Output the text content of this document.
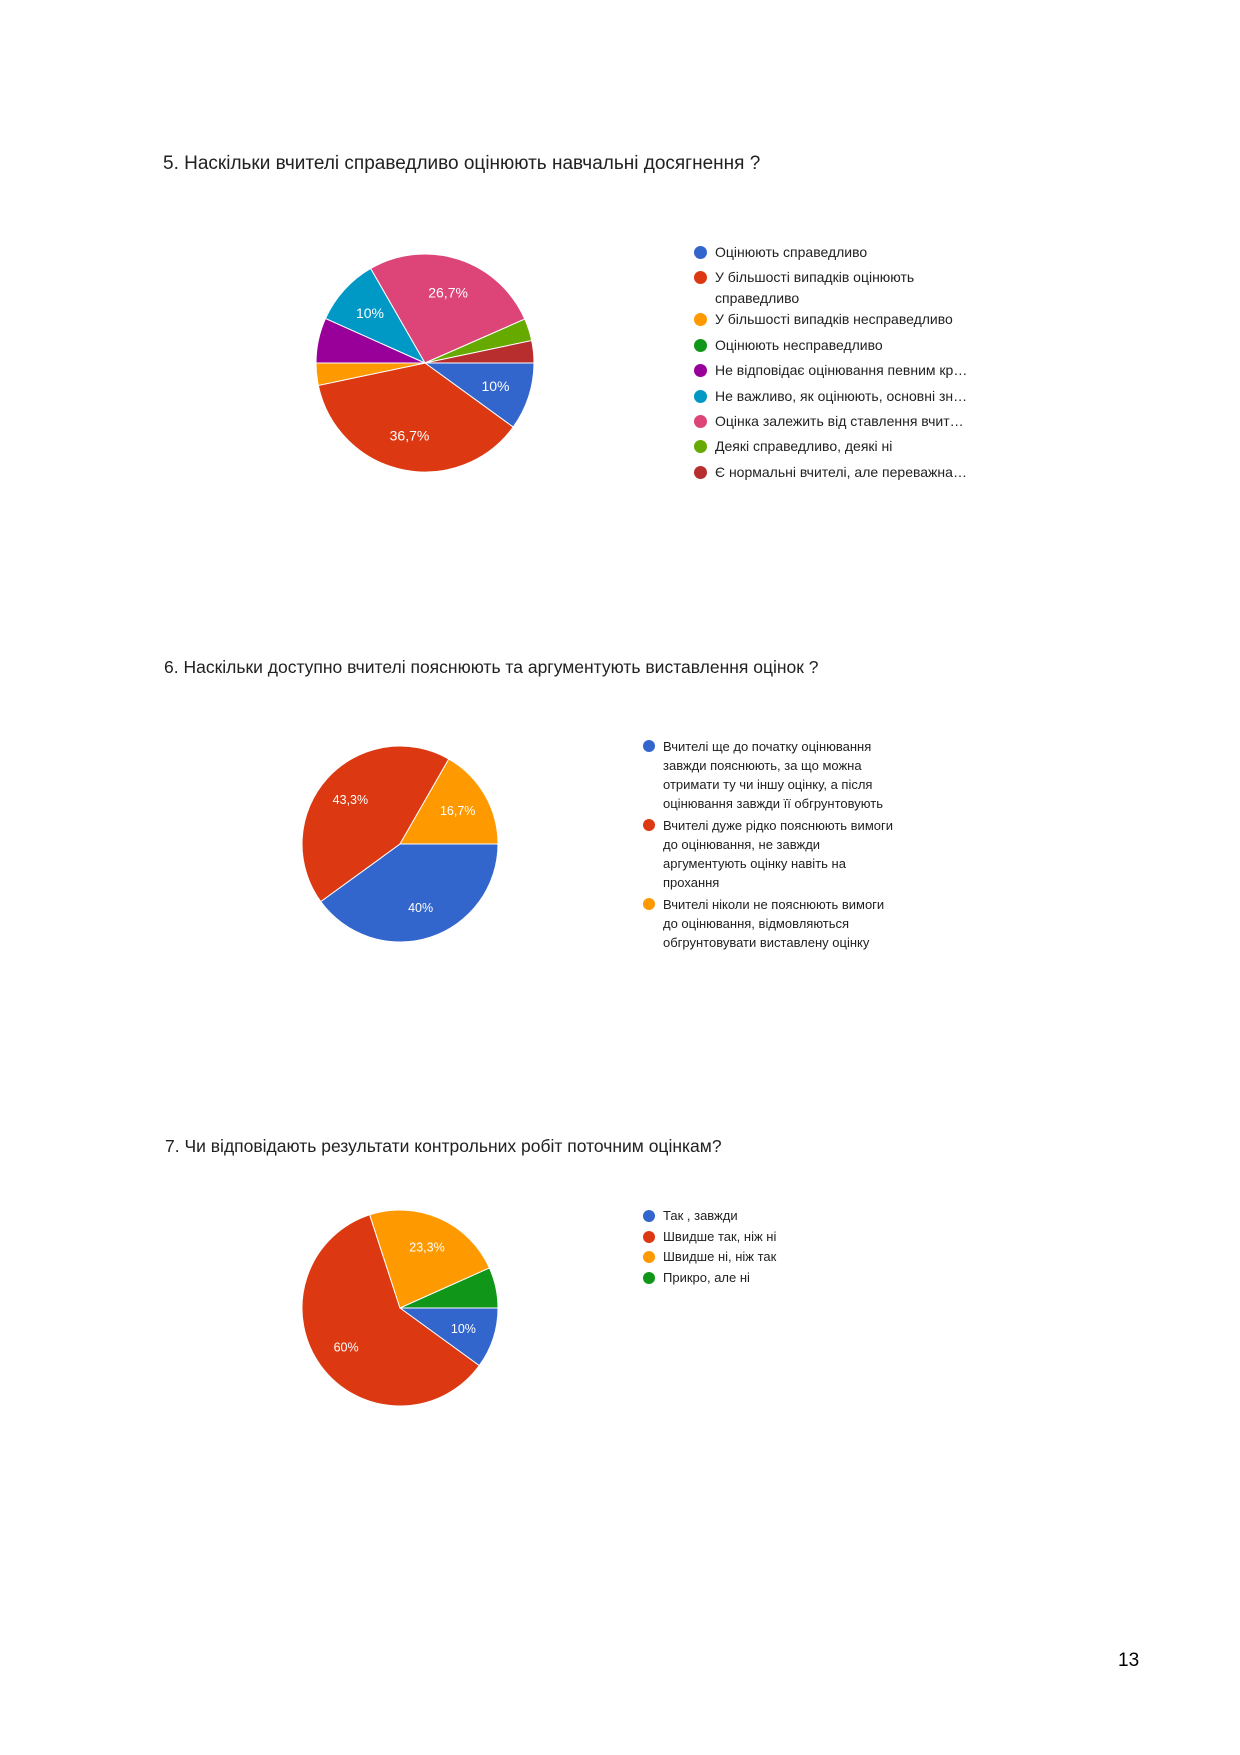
5. Наскільки вчителі справедливо оцінюють навчальні досягнення ?
10%
36,7%
10%
26,7%
Оцінюють справедливо
У більшості випадків оцінюють
справедливо
У більшості випадків несправедливо
Оцінюють несправедливо
Не відповідає оцінювання певним кр…
Не важливо, як оцінюють, основні зн…
Оцінка залежить від ставлення вчит…
Деякі справедливо, деякі ні
Є нормальні вчителі, але переважна…
6. Наскільки доступно вчителі пояснюють та аргументують виставлення оцінок ?
40%
43,3%
16,7%
Вчителі ще до початку оцінювання
завжди пояснюють, за що можна
отримати ту чи іншу оцінку, а після
оцінювання завжди її обгрунтовують
Вчителі дуже рідко пояснюють вимоги
до оцінювання, не завжди
аргументують оцінку навіть на
прохання
Вчителі ніколи не пояснюють вимоги
до оцінювання, відмовляються
обгрунтовувати виставлену оцінку
7. Чи відповідають результати контрольних робіт поточним оцінкам?
10%
60%
23,3%
Так , завжди
Швидше так, ніж ні
Швидше ні, ніж так
Прикро, але ні
13
